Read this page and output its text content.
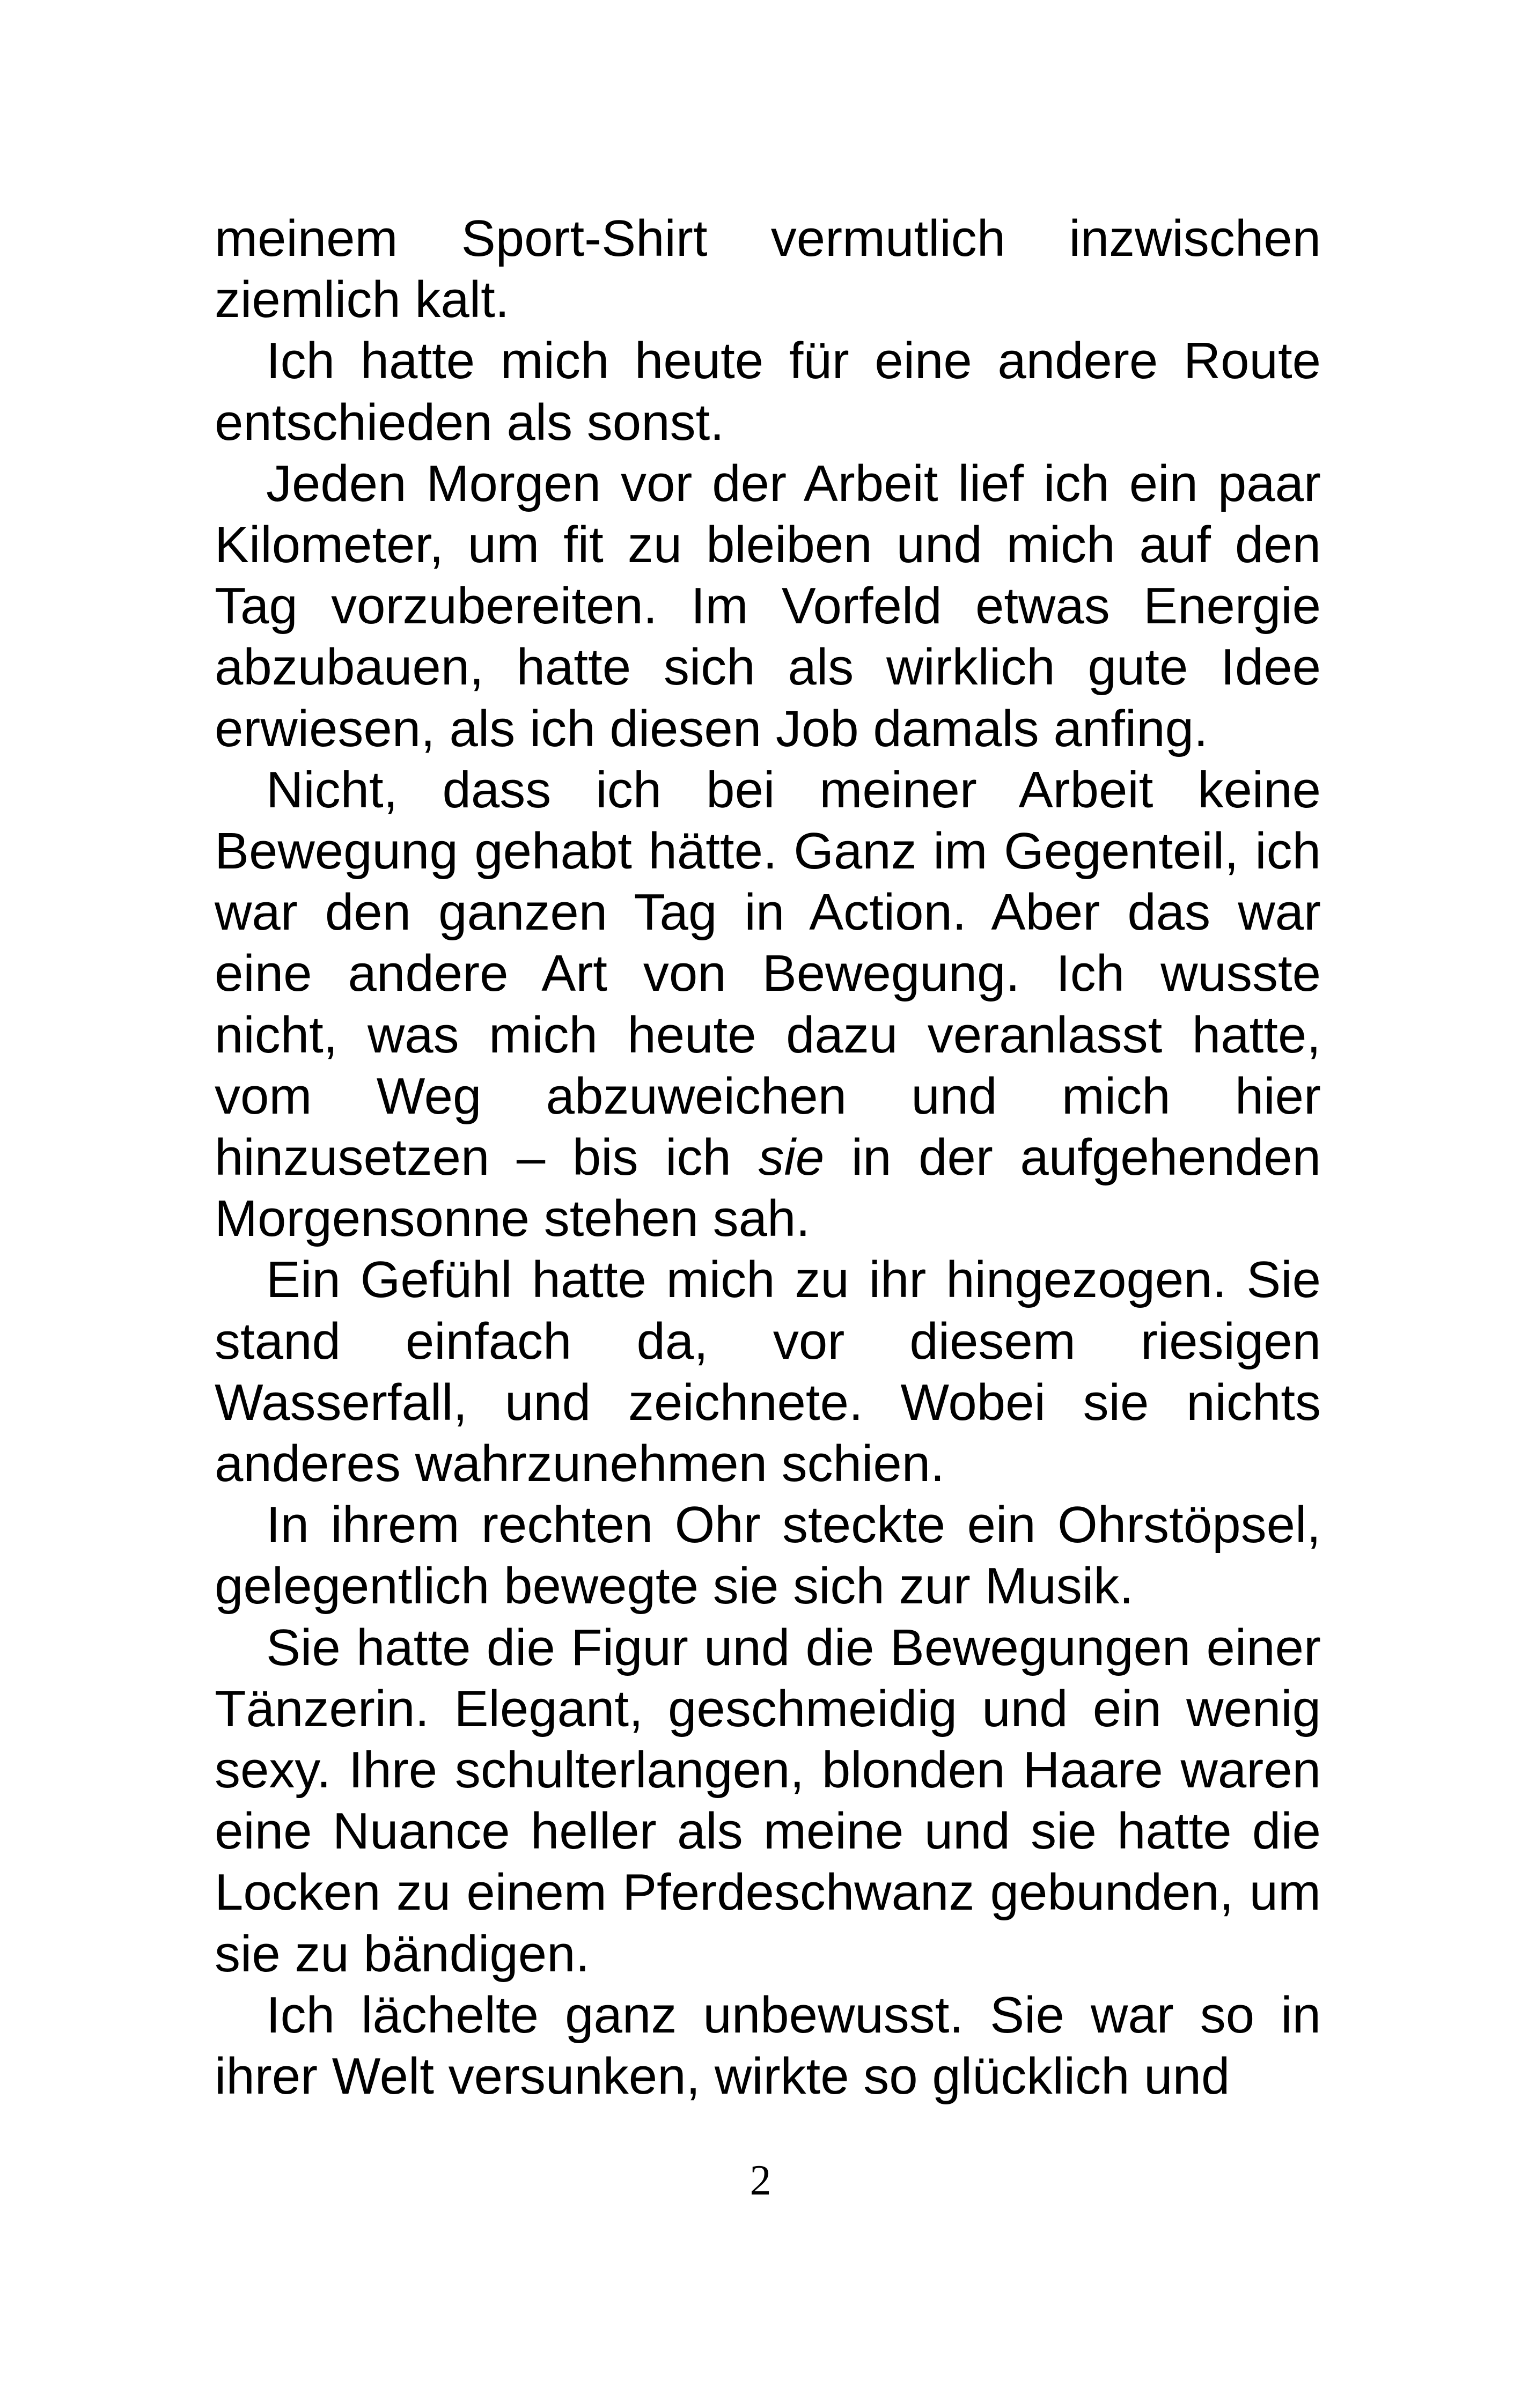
meinem Sport-Shirt vermutlich inzwischen ziemlich kalt.

Ich hatte mich heute für eine andere Route entschieden als sonst.

Jeden Morgen vor der Arbeit lief ich ein paar Kilometer, um fit zu bleiben und mich auf den Tag vorzubereiten. Im Vorfeld etwas Energie abzubauen, hatte sich als wirklich gute Idee erwiesen, als ich diesen Job damals anfing.

Nicht, dass ich bei meiner Arbeit keine Bewegung gehabt hätte. Ganz im Gegenteil, ich war den ganzen Tag in Action. Aber das war eine andere Art von Bewegung. Ich wusste nicht, was mich heute dazu veranlasst hatte, vom Weg abzuweichen und mich hier hinzusetzen – bis ich sie in der aufgehenden Morgensonne stehen sah.

Ein Gefühl hatte mich zu ihr hingezogen. Sie stand einfach da, vor diesem riesigen Wasserfall, und zeichnete. Wobei sie nichts anderes wahrzunehmen schien.

In ihrem rechten Ohr steckte ein Ohrstöpsel, gelegentlich bewegte sie sich zur Musik.

Sie hatte die Figur und die Bewegungen einer Tänzerin. Elegant, geschmeidig und ein wenig sexy. Ihre schulterlangen, blonden Haare waren eine Nuance heller als meine und sie hatte die Locken zu einem Pferdeschwanz gebunden, um sie zu bändigen.

Ich lächelte ganz unbewusst. Sie war so in ihrer Welt versunken, wirkte so glücklich und

2
